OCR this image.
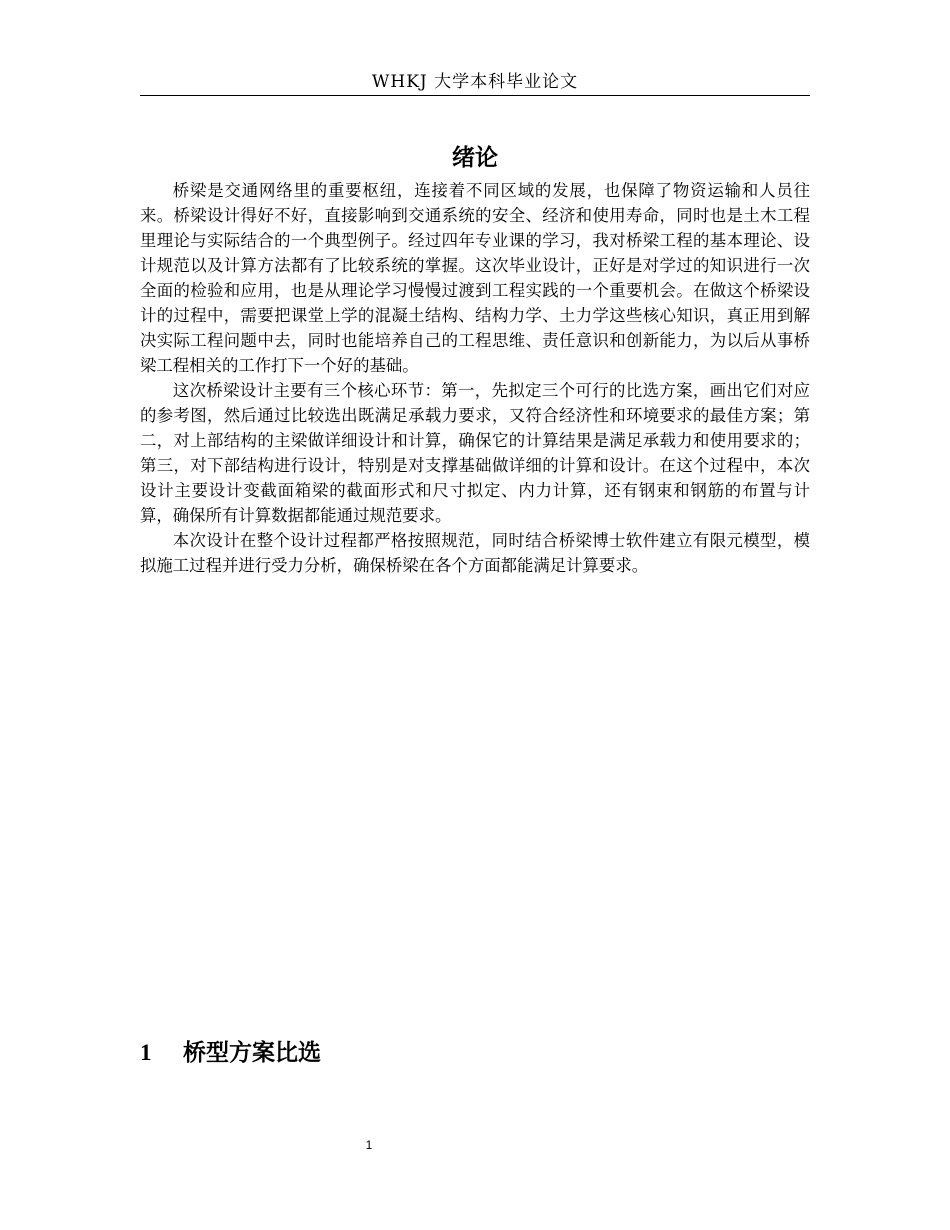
WHKJ 大学本科毕业论文
绪论

桥梁是交通网络里的重要枢纽，连接着不同区域的发展，也保障了物资运输和人员往来。桥梁设计得好不好，直接影响到交通系统的安全、经济和使用寿命，同时也是土木工程里理论与实际结合的一个典型例子。经过四年专业课的学习，我对桥梁工程的基本理论、设计规范以及计算方法都有了比较系统的掌握。这次毕业设计，正好是对学过的知识进行一次全面的检验和应用，也是从理论学习慢慢过渡到工程实践的一个重要机会。在做这个桥梁设计的过程中，需要把课堂上学的混凝土结构、结构力学、土力学这些核心知识，真正用到解决实际工程问题中去，同时也能培养自己的工程思维、责任意识和创新能力，为以后从事桥梁工程相关的工作打下一个好的基础。

这次桥梁设计主要有三个核心环节：第一，先拟定三个可行的比选方案，画出它们对应的参考图，然后通过比较选出既满足承载力要求，又符合经济性和环境要求的最佳方案；第二，对上部结构的主梁做详细设计和计算，确保它的计算结果是满足承载力和使用要求的；第三，对下部结构进行设计，特别是对支撑基础做详细的计算和设计。在这个过程中，本次设计主要设计变截面箱梁的截面形式和尺寸拟定、内力计算，还有钢束和钢筋的布置与计算，确保所有计算数据都能通过规范要求。

本次设计在整个设计过程都严格按照规范，同时结合桥梁博士软件建立有限元模型，模拟施工过程并进行受力分析，确保桥梁在各个方面都能满足计算要求。

1 桥型方案比选
1
